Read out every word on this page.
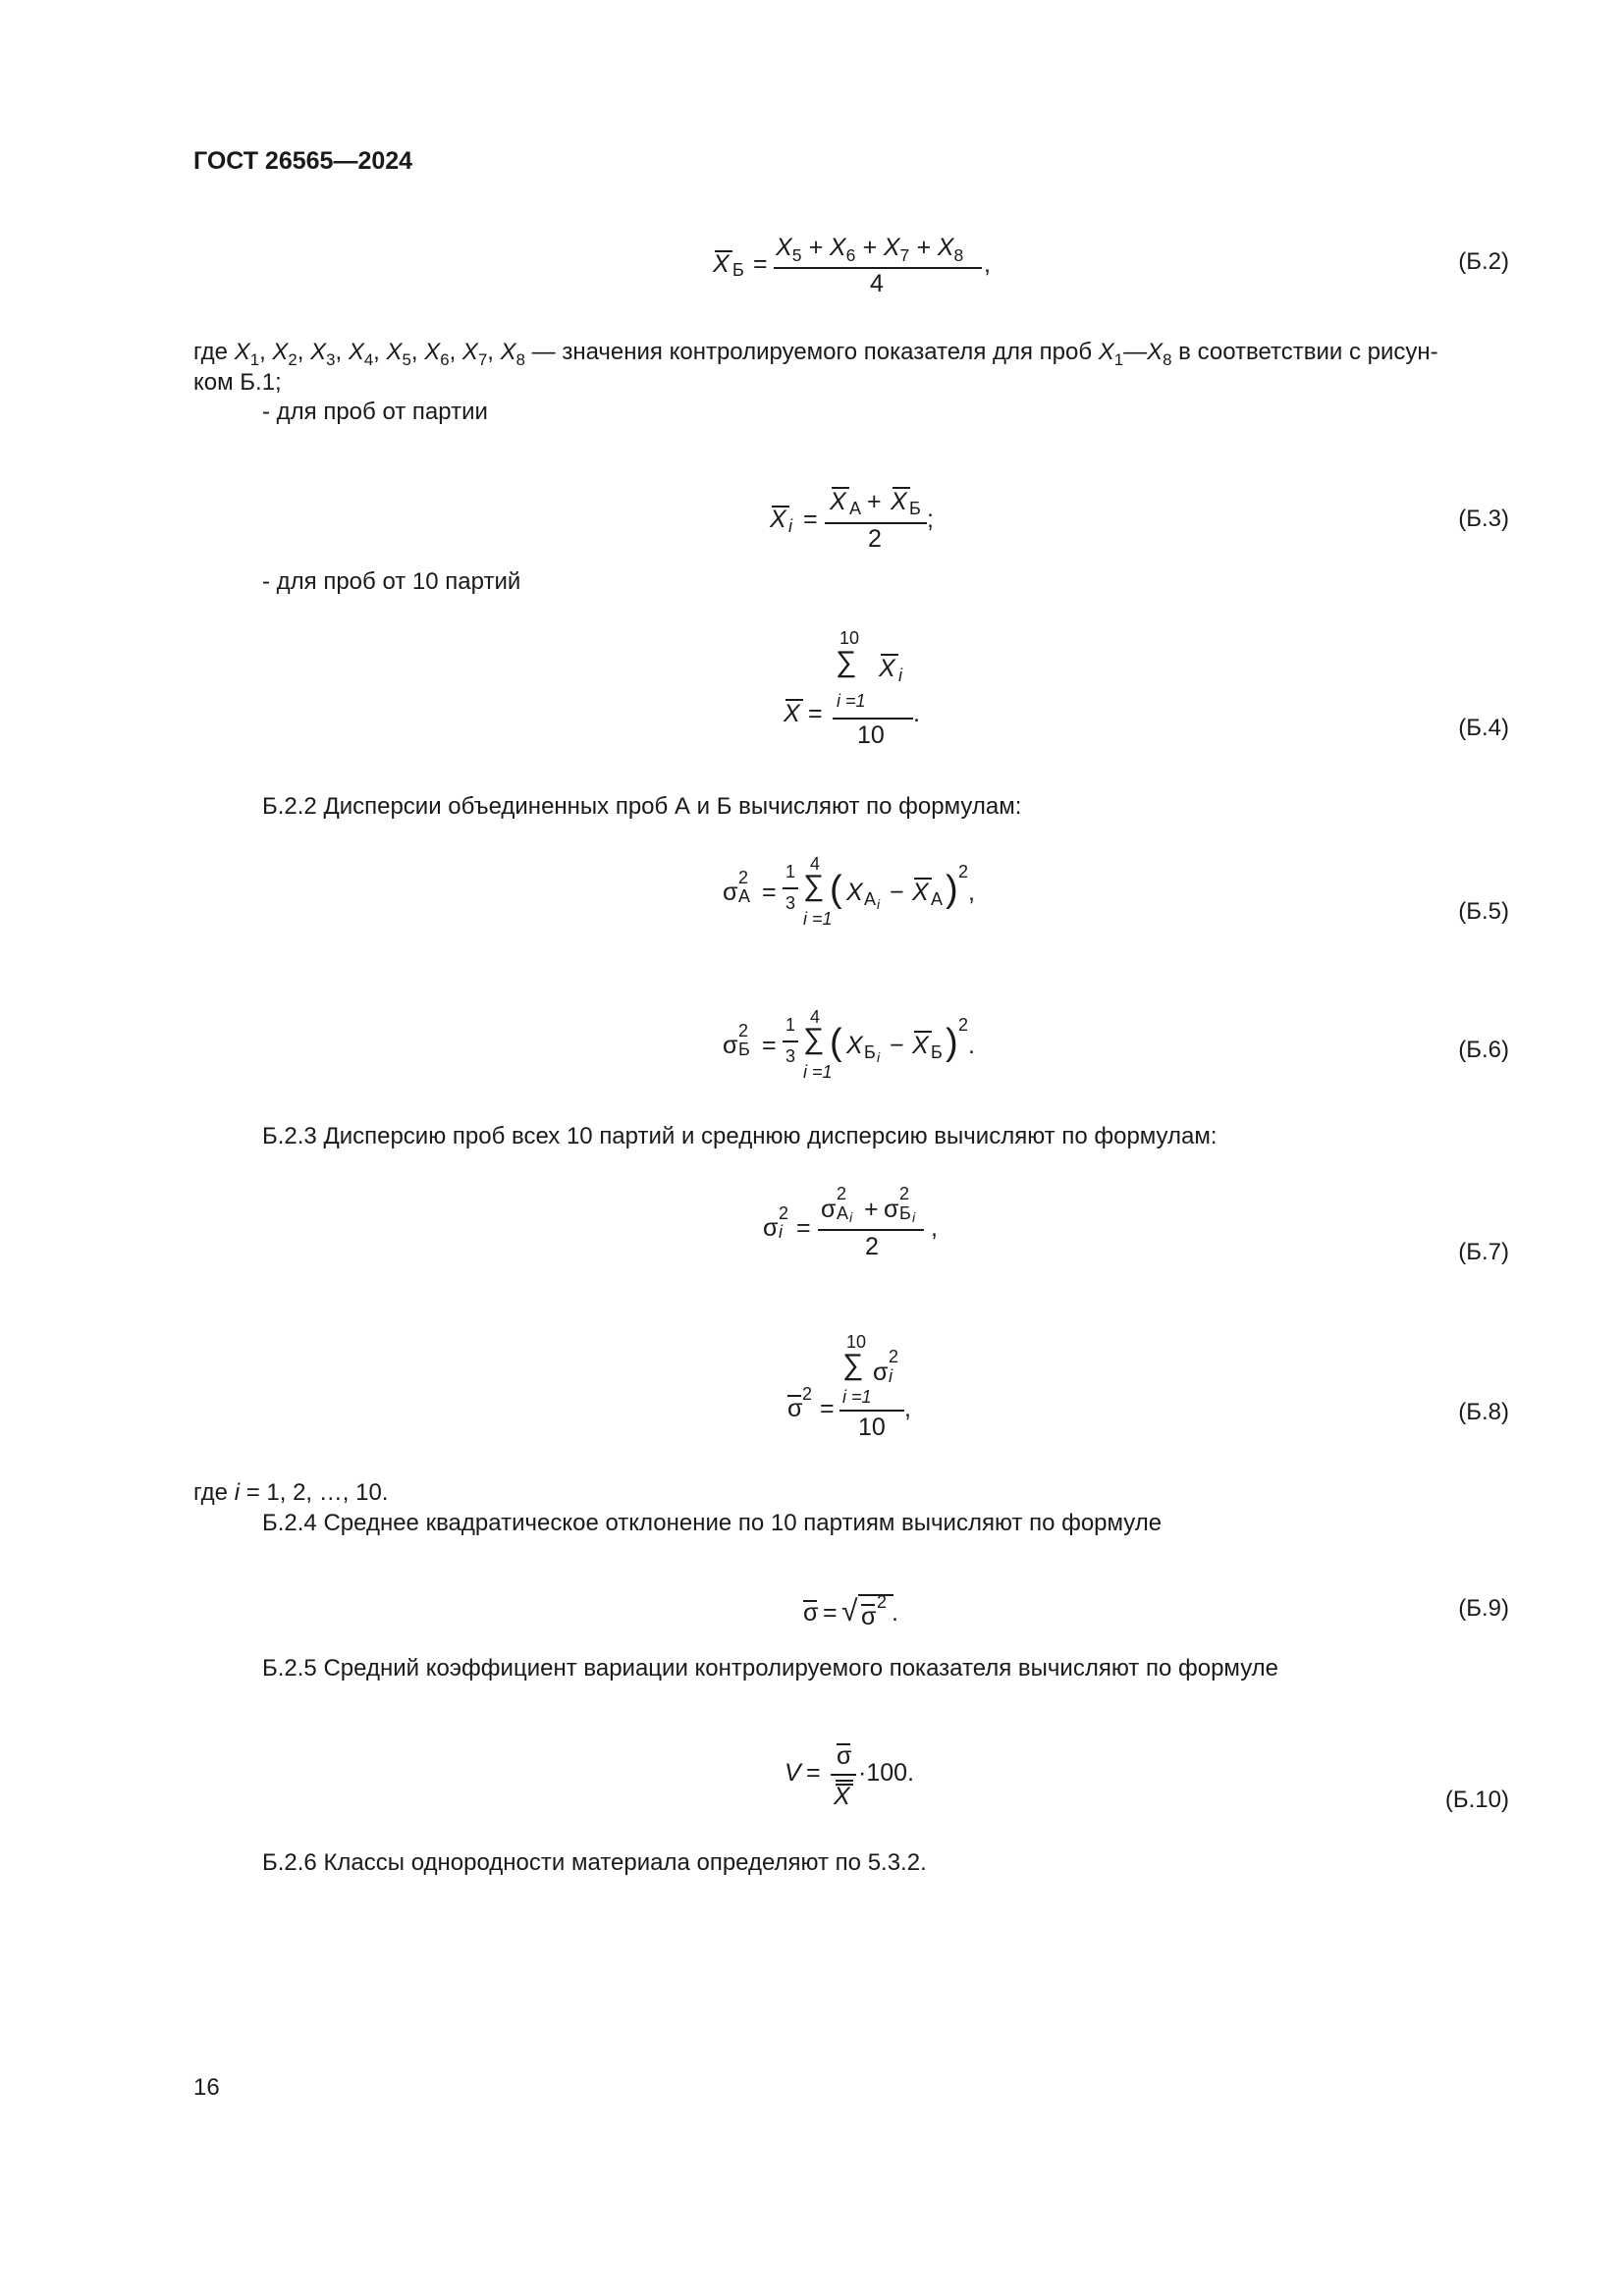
ГОСТ 26565—2024
X Б =
$X_5 + X_6 + X_7 + X_8$
4
,	(Б.2)
где $X_1$, $X_2$, $X_3$, $X_4$, $X_5$, $X_6$, $X_7$, $X_8$ — значения контролируемого показателя для проб $X_1—X_8$ в соответствии с рисун-
ком Б.1;
- для проб от партии
X i =
X А + X Б
2
;	(Б.3)
- для проб от 10 партий
10
∑
i =1
X i
X =
10
.
(Б.4)
Б.2.2 Дисперсии объединенных проб А и Б вычисляют по формулам:
σ
2
А =
1
3
4
∑
i =1
( X А i − X А ) 2
,
(Б.5)
σ
2
Б =
1
3
4
∑
i =1
( X Б i − X Б ) 2
.	(Б.6)
Б.2.3 Дисперсию проб всех 10 партий и среднюю дисперсию вычисляют по формулам:
σ
2
i =
σ
2
А i + σ
2
Б i
2
,
(Б.7)
10
∑
i =1
σ
2
i
σ
2
=
10
,	(Б.8)
где i = 1, 2, …, 10.
Б.2.4 Среднее квадратическое отклонение по 10 партиям вычисляют по формуле
σ = √ σ
2 .	(Б.9)
Б.2.5 Средний коэффициент вариации контролируемого показателя вычисляют по формуле
V =
σ
X
·100.
(Б.10)
Б.2.6 Классы однородности материала определяют по 5.3.2.
16
